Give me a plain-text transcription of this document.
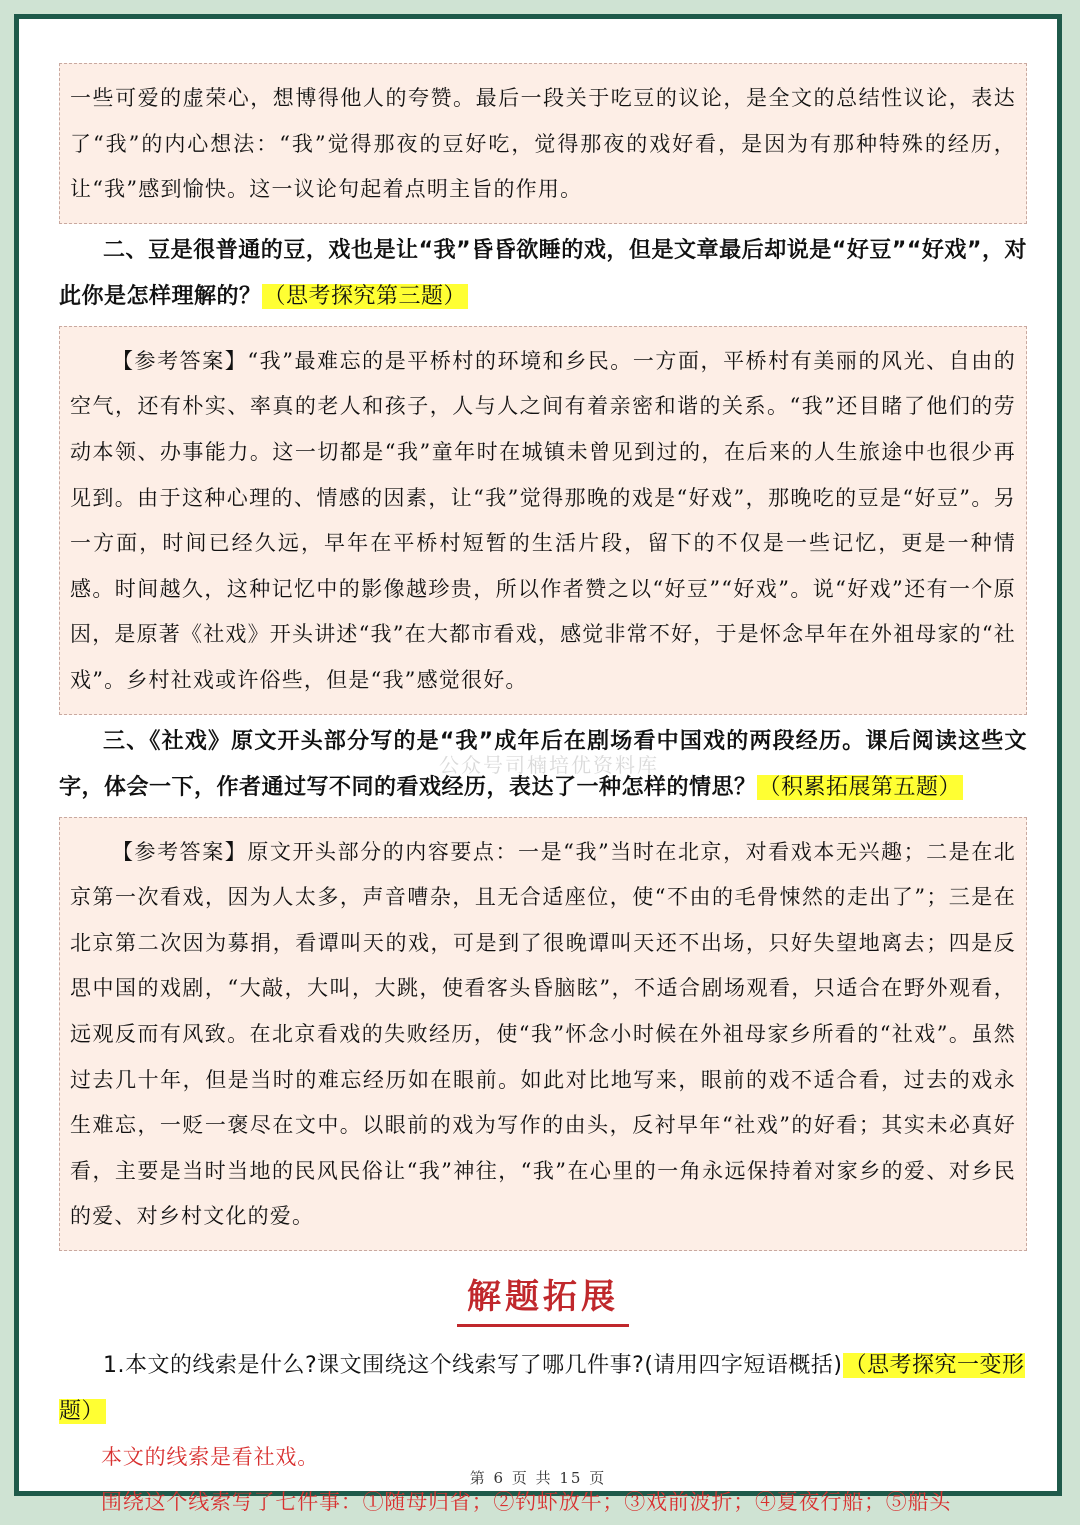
一些可爱的虚荣心，想博得他人的夸赞。最后一段关于吃豆的议论，是全文的总结性议论，表达了“我”的内心想法：“我”觉得那夜的豆好吃，觉得那夜的戏好看，是因为有那种特殊的经历，让“我”感到愉快。这一议论句起着点明主旨的作用。
二、豆是很普通的豆，戏也是让“我”昏昏欲睡的戏，但是文章最后却说是“好豆”“好戏”，对此你是怎样理解的？（思考探究第三题）
【参考答案】“我”最难忘的是平桥村的环境和乡民。一方面，平桥村有美丽的风光、自由的空气，还有朴实、率真的老人和孩子，人与人之间有着亲密和谐的关系。“我”还目睹了他们的劳动本领、办事能力。这一切都是“我”童年时在城镇未曾见到过的，在后来的人生旅途中也很少再见到。由于这种心理的、情感的因素，让“我”觉得那晚的戏是“好戏”，那晚吃的豆是“好豆”。另一方面，时间已经久远，早年在平桥村短暂的生活片段，留下的不仅是一些记忆，更是一种情感。时间越久，这种记忆中的影像越珍贵，所以作者赞之以“好豆”“好戏”。说“好戏”还有一个原因，是原著《社戏》开头讲述“我”在大都市看戏，感觉非常不好，于是怀念早年在外祖母家的“社戏”。乡村社戏或许俗些，但是“我”感觉很好。
三、《社戏》原文开头部分写的是“我”成年后在剧场看中国戏的两段经历。课后阅读这些文字，体会一下，作者通过写不同的看戏经历，表达了一种怎样的情思？（积累拓展第五题）
【参考答案】原文开头部分的内容要点：一是“我”当时在北京，对看戏本无兴趣；二是在北京第一次看戏，因为人太多，声音嘈杂，且无合适座位，使“不由的毛骨悚然的走出了”；三是在北京第二次因为募捐，看谭叫天的戏，可是到了很晚谭叫天还不出场，只好失望地离去；四是反思中国的戏剧，“大敲，大叫，大跳，使看客头昏脑眩”，不适合剧场观看，只适合在野外观看，远观反而有风致。在北京看戏的失败经历，使“我”怀念小时候在外祖母家乡所看的“社戏”。虽然过去几十年，但是当时的难忘经历如在眼前。如此对比地写来，眼前的戏不适合看，过去的戏永生难忘，一贬一褒尽在文中。以眼前的戏为写作的由头，反衬早年“社戏”的好看；其实未必真好看，主要是当时当地的民风民俗让“我”神往，“我”在心里的一角永远保持着对家乡的爱、对乡民的爱、对乡村文化的爱。
解题拓展
1.本文的线索是什么?课文围绕这个线索写了哪几件事?(请用四字短语概括)（思考探究一变形题）
本文的线索是看社戏。
围绕这个线索写了七件事：①随母归省；②钓虾放牛；③戏前波折；④夏夜行船；⑤船头
公众号司楠培优资料库
第 6 页 共 15 页
